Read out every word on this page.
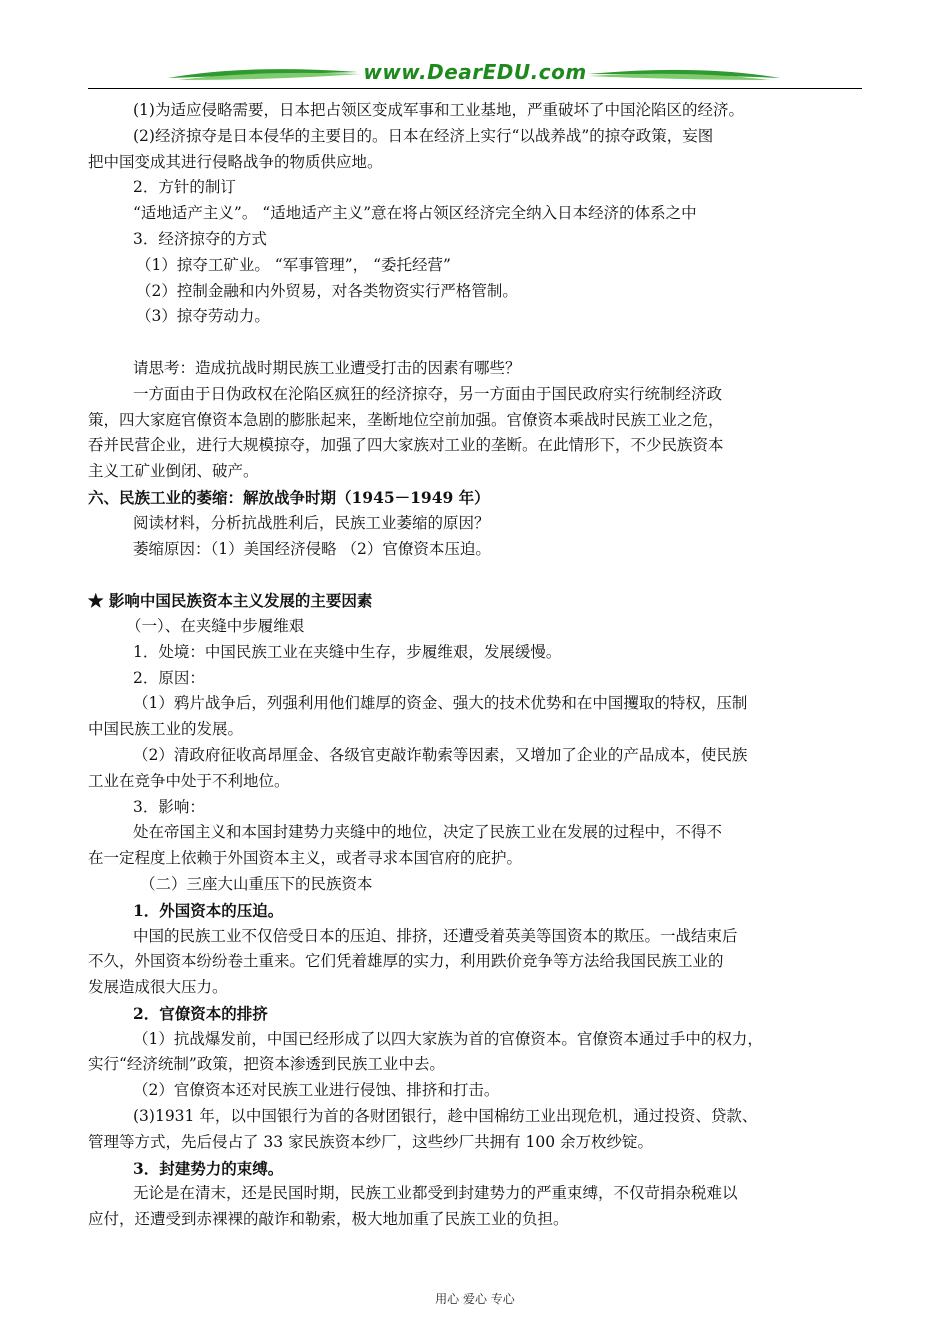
www.DearEDU.com
(1)为适应侵略需要，日本把占领区变成军事和工业基地，严重破坏了中国沦陷区的经济。
(2)经济掠夺是日本侵华的主要目的。日本在经济上实行“以战养战”的掠夺政策，妄图
把中国变成其进行侵略战争的物质供应地。
2．方针的制订
“适地适产主义”。 “适地适产主义”意在将占领区经济完全纳入日本经济的体系之中
3．经济掠夺的方式
（1）掠夺工矿业。 “军事管理”， “委托经营”
（2）控制金融和内外贸易，对各类物资实行严格管制。
（3）掠夺劳动力。
请思考：造成抗战时期民族工业遭受打击的因素有哪些？
一方面由于日伪政权在沦陷区疯狂的经济掠夺，另一方面由于国民政府实行统制经济政
策，四大家庭官僚资本急剧的膨胀起来，垄断地位空前加强。官僚资本乘战时民族工业之危，
吞并民营企业，进行大规模掠夺，加强了四大家族对工业的垄断。在此情形下，不少民族资本
主义工矿业倒闭、破产。
六、民族工业的萎缩：解放战争时期（1945－1949 年）
阅读材料，分析抗战胜利后，民族工业萎缩的原因？
萎缩原因：（1）美国经济侵略 （2）官僚资本压迫。
★ 影响中国民族资本主义发展的主要因素
（一）、在夹缝中步履维艰
1．处境：中国民族工业在夹缝中生存，步履维艰，发展缓慢。
2．原因：
（1）鸦片战争后，列强利用他们雄厚的资金、强大的技术优势和在中国攫取的特权，压制
中国民族工业的发展。
（2）清政府征收高昂厘金、各级官吏敲诈勒索等因素，又增加了企业的产品成本，使民族
工业在竞争中处于不利地位。
3．影响：
处在帝国主义和本国封建势力夹缝中的地位，决定了民族工业在发展的过程中，不得不
在一定程度上依赖于外国资本主义，或者寻求本国官府的庇护。
（二）三座大山重压下的民族资本
1．外国资本的压迫。
中国的民族工业不仅倍受日本的压迫、排挤，还遭受着英美等国资本的欺压。一战结束后
不久，外国资本纷纷卷土重来。它们凭着雄厚的实力，利用跌价竞争等方法给我国民族工业的
发展造成很大压力。
2．官僚资本的排挤
（1）抗战爆发前，中国已经形成了以四大家族为首的官僚资本。官僚资本通过手中的权力，
实行“经济统制”政策，把资本渗透到民族工业中去。
（2）官僚资本还对民族工业进行侵蚀、排挤和打击。
(3)1931 年，以中国银行为首的各财团银行，趁中国棉纺工业出现危机，通过投资、贷款、
管理等方式，先后侵占了 33 家民族资本纱厂，这些纱厂共拥有 100 余万枚纱锭。
3．封建势力的束缚。
无论是在清末，还是民国时期，民族工业都受到封建势力的严重束缚，不仅苛捐杂税难以
应付，还遭受到赤裸裸的敲诈和勒索，极大地加重了民族工业的负担。
用心 爱心 专心
